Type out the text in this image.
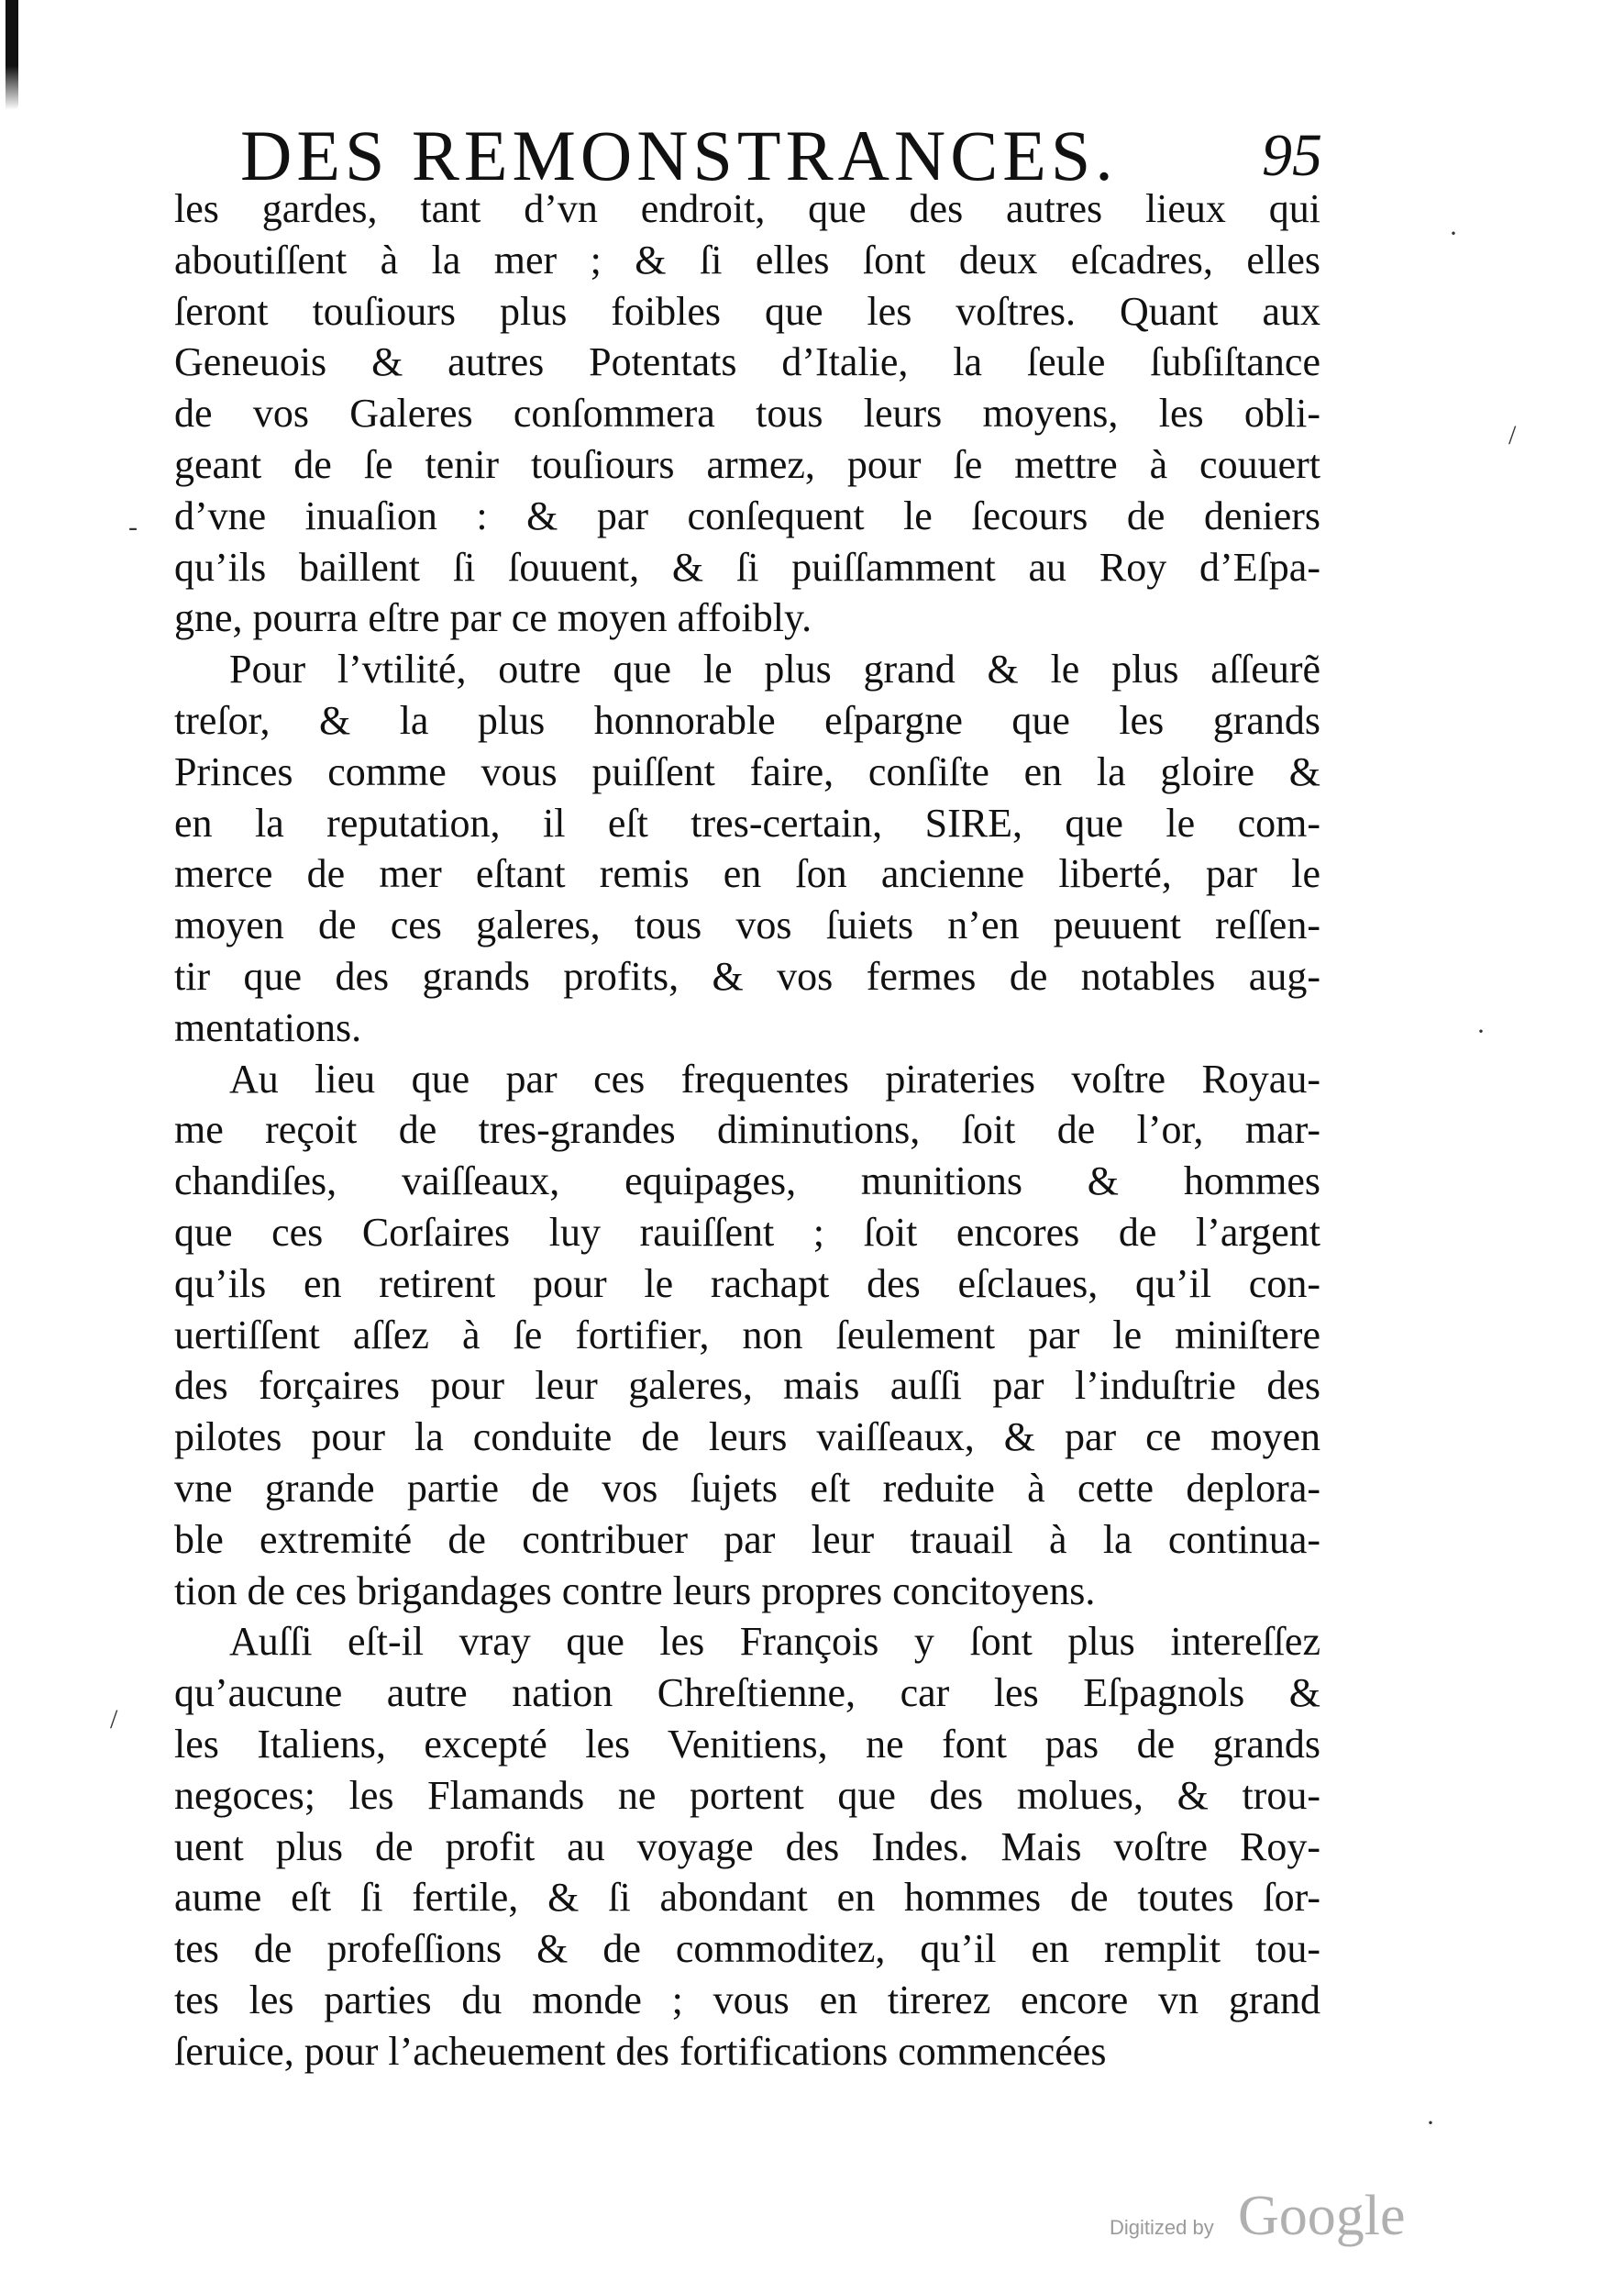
DES REMONSTRANCES. 95
les gardes, tant d’vn endroit, que des autres lieux qui
aboutiſſent à la mer ; & ſi elles ſont deux eſcadres, elles
ſeront touſiours plus foibles que les voſtres. Quant aux
Geneuois & autres Potentats d’Italie, la ſeule ſubſiſtance
de vos Galeres conſommera tous leurs moyens, les obli-
geant de ſe tenir touſiours armez, pour ſe mettre à couuert
d’vne inuaſion : & par conſequent le ſecours de deniers
qu’ils baillent ſi ſouuent, & ſi puiſſamment au Roy d’Eſpa-
gne, pourra eſtre par ce moyen affoibly.
Pour l’vtilité, outre que le plus grand & le plus aſſeurẽ
treſor, & la plus honnorable eſpargne que les grands
Princes comme vous puiſſent faire, conſiſte en la gloire &
en la reputation, il eſt tres-certain, SIRE, que le com-
merce de mer eſtant remis en ſon ancienne liberté, par le
moyen de ces galeres, tous vos ſuiets n’en peuuent reſſen-
tir que des grands profits, & vos fermes de notables aug-
mentations.
Au lieu que par ces frequentes pirateries voſtre Royau-
me reçoit de tres-grandes diminutions, ſoit de l’or, mar-
chandiſes, vaiſſeaux, equipages, munitions & hommes
que ces Corſaires luy rauiſſent ; ſoit encores de l’argent
qu’ils en retirent pour le rachapt des eſclaues, qu’il con-
uertiſſent aſſez à ſe fortifier, non ſeulement par le miniſtere
des forçaires pour leur galeres, mais auſſi par l’induſtrie des
pilotes pour la conduite de leurs vaiſſeaux, & par ce moyen
vne grande partie de vos ſujets eſt reduite à cette deplora-
ble extremité de contribuer par leur trauail à la continua-
tion de ces brigandages contre leurs propres concitoyens.
Auſſi eſt-il vray que les François y ſont plus intereſſez
qu’aucune autre nation Chreſtienne, car les Eſpagnols &
les Italiens, excepté les Venitiens, ne font pas de grands
negoces; les Flamands ne portent que des molues, & trou-
uent plus de profit au voyage des Indes. Mais voſtre Roy-
aume eſt ſi fertile, & ſi abondant en hommes de toutes ſor-
tes de profeſſions & de commoditez, qu’il en remplit tou-
tes les parties du monde ; vous en tirerez encore vn grand
ſeruice, pour l’acheuement des fortifications commencées
·
/
-
·
/
·
Digitized by Google
